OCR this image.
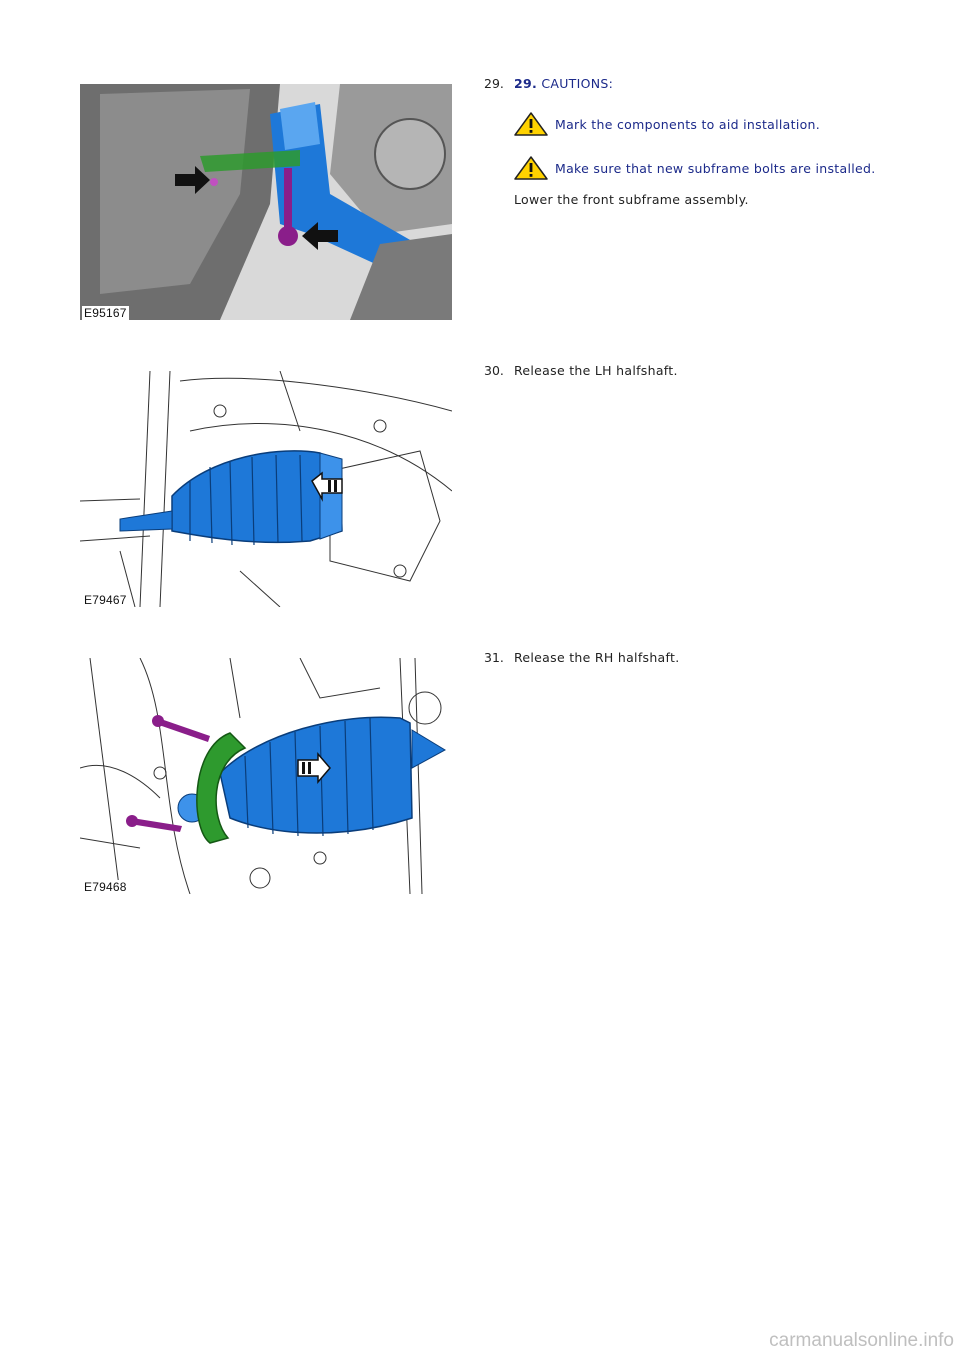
E95167
29. 29. CAUTIONS:
Mark the components to aid installation.
Make sure that new subframe bolts are installed.
Lower the front subframe assembly.
E79467
30. Release the LH halfshaft.
E79468
31. Release the RH halfshaft.
carmanualsonline.info
